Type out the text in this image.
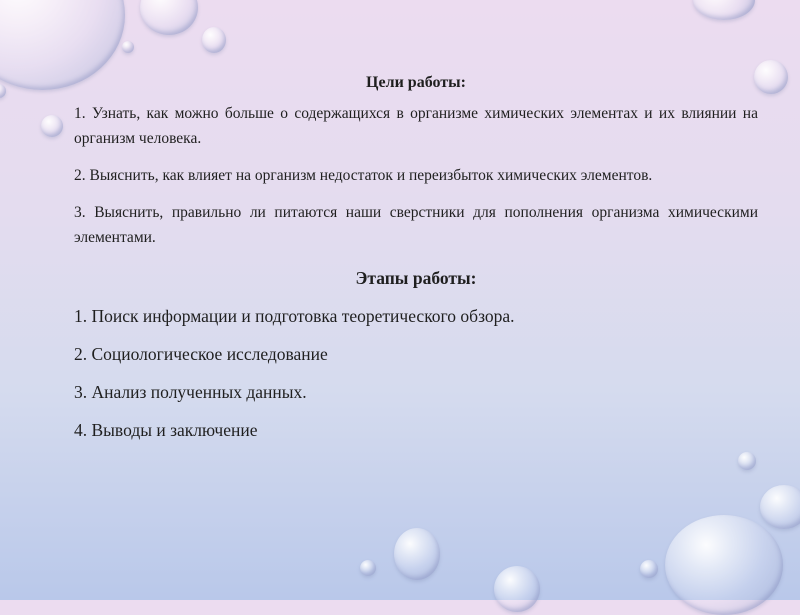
Цели работы:
1. Узнать, как можно больше о содержащихся в организме химических элементах и их влиянии на организм человека.
2. Выяснить, как влияет на организм недостаток и переизбыток химических элементов.
3. Выяснить, правильно ли питаются наши сверстники для пополнения организма химическими элементами.
Этапы работы:
1. Поиск информации и подготовка теоретического обзора.
2. Социологическое исследование
3. Анализ полученных данных.
4. Выводы и заключение
